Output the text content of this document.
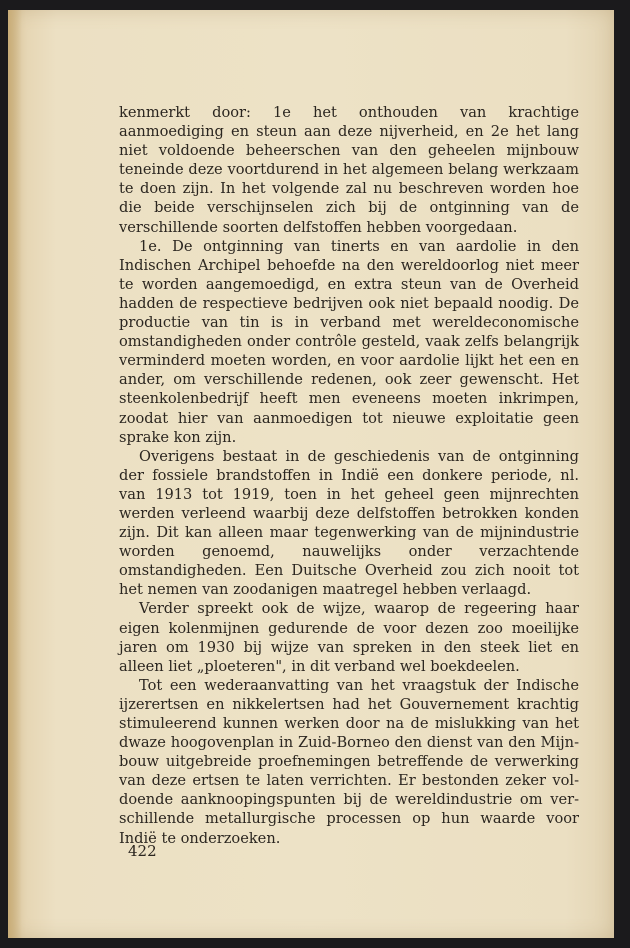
kenmerkt door: 1e het onthouden van krachtige aanmoediging en steun aan deze nijverheid, en 2e het lang niet voldoende beheerschen van den geheelen mijnbouw teneinde deze voortdurend in het algemeen belang werkzaam te doen zijn. In het volgende zal nu beschreven worden hoe die beide verschijnselen zich bij de ontginning van de verschillende soorten delfstoffen hebben voorgedaan.

1e. De ontginning van tinerts en van aardolie in den Indischen Archipel behoefde na den wereldoorlog niet meer te worden aangemoedigd, en extra steun van de Overheid hadden de respectieve bedrijven ook niet bepaald noodig. De productie van tin is in verband met wereldeconomische omstandigheden onder contrôle gesteld, vaak zelfs belangrijk verminderd moeten worden, en voor aardolie lijkt het een en ander, om verschillende redenen, ook zeer gewenscht. Het steenkolenbedrijf heeft men eveneens moeten inkrimpen, zoodat hier van aanmoedigen tot nieuwe exploitatie geen sprake kon zijn.

Overigens bestaat in de geschiedenis van de ontginning der fossiele brandstoffen in Indië een donkere periode, nl. van 1913 tot 1919, toen in het geheel geen mijnrechten werden verleend waarbij deze delfstoffen betrokken konden zijn. Dit kan alleen maar tegenwerking van de mijnindustrie worden genoemd, nauwelijks onder verzachtende omstandigheden. Een Duitsche Overheid zou zich nooit tot het nemen van zoodanigen maatregel hebben verlaagd.

Verder spreekt ook de wijze, waarop de regeering haar eigen kolenmijnen gedurende de voor dezen zoo moeilijke jaren om 1930 bij wijze van spreken in den steek liet en alleen liet „ploeteren", in dit verband wel boekdeelen.

Tot een wederaanvatting van het vraagstuk der Indische ijzerertsen en nikkelertsen had het Gouvernement krachtig stimuleerend kunnen werken door na de mislukking van het dwaze hoogovenplan in Zuid-Borneo den dienst van den Mijnbouw uitgebreide proefnemingen betreffende de verwerking van deze ertsen te laten verrichten. Er bestonden zeker voldoende aanknoopingspunten bij de wereldindustrie om verschillende metallurgische processen op hun waarde voor Indië te onderzoeken.

422
